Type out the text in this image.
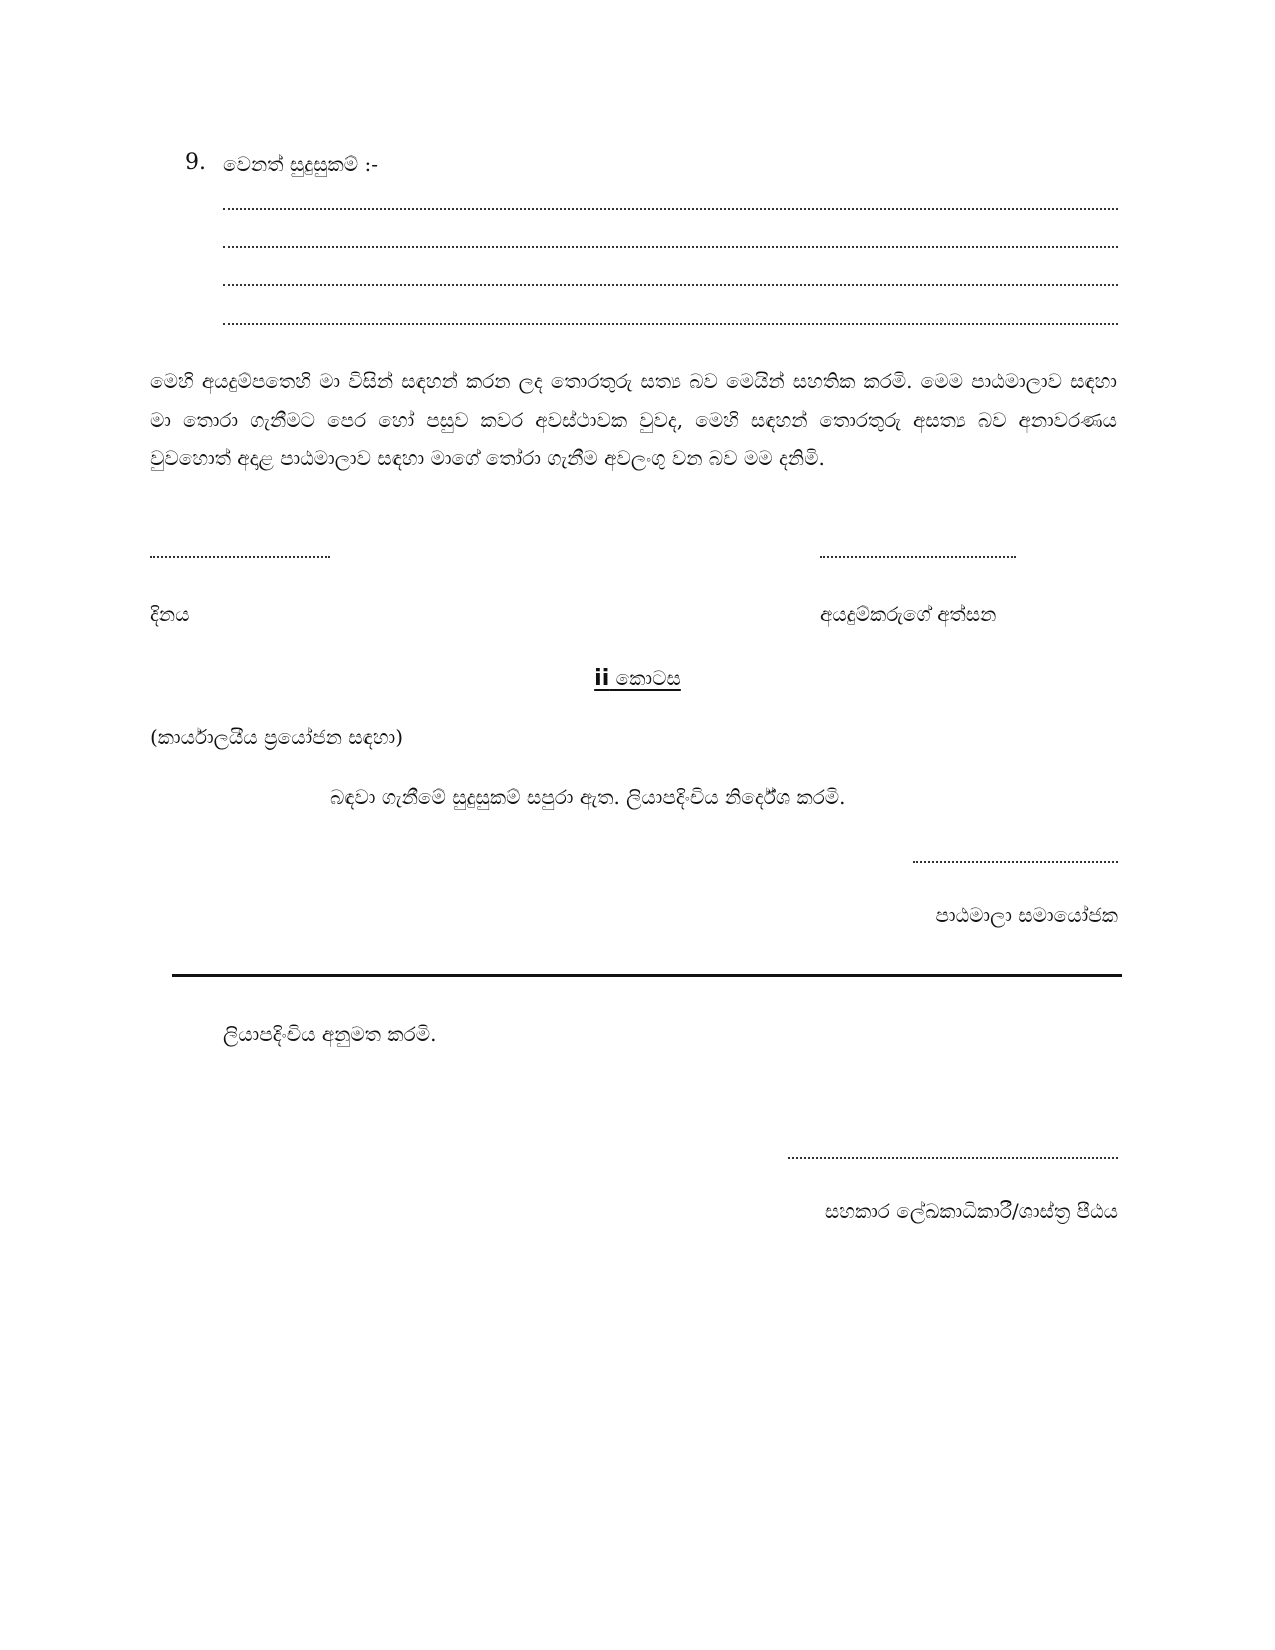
9. වෙනත් සුදුසුකම් :-

මෙහි අයදුම්පතෙහි මා විසින් සඳහන් කරන ලද තොරතුරු සත්‍ය බව මෙයින් සහතික කරමි. මෙම පාඨමාලාව සඳහා මා තොරා ගැනීමට පෙර හෝ පසුව කවර අවස්ථාවක වුවද, මෙහි සඳහන් තොරතුරු අසත්‍ය බව අනාවරණය වුවහොත් අදාළ පාඨමාලාව සඳහා මාගේ තෝරා ගැනීම අවලංගු වන බව මම දනිමි.

දිනය	අයදුම්කරුගේ අත්සන
ii කොටස
(කාර්යාලයීය ප්‍රයෝජන සඳහා)
බඳවා ගැනීමේ සුදුසුකම් සපුරා ඇත. ලියාපදිංචිය නිර්දේශ කරමි.
පාඨමාලා සමායෝජක
ලියාපදිංචිය අනුමත කරමි.
සහකාර ලේඛකාධිකාරී/ශාස්ත්‍ර පීඨය
